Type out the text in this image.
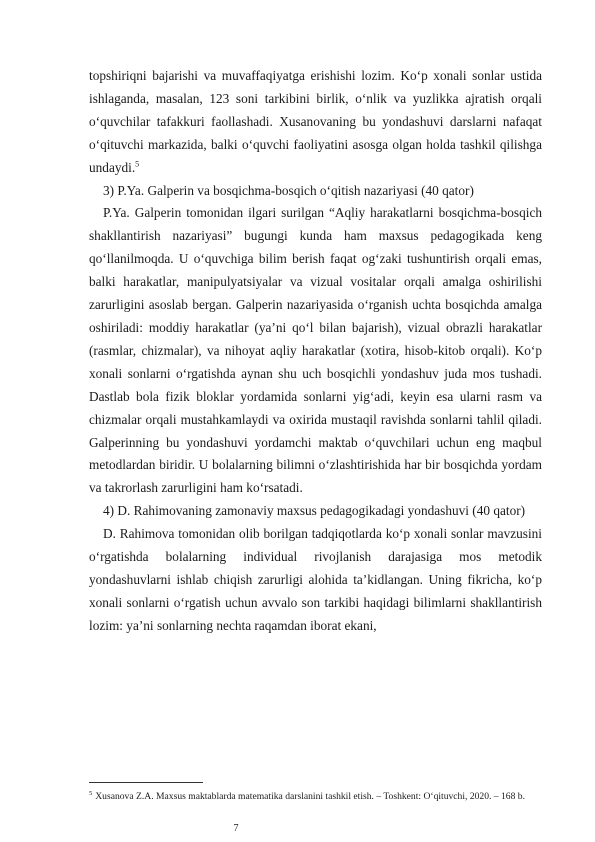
topshiriqni bajarishi va muvaffaqiyatga erishishi lozim. Ko‘p xonali sonlar ustida ishlaganda, masalan, 123 soni tarkibini birlik, o‘nlik va yuzlikka ajratish orqali o‘quvchilar tafakkuri faollashadi. Xusanovaning bu yondashuvi darslarni nafaqat o‘qituvchi markazida, balki o‘quvchi faoliyatini asosga olgan holda tashkil qilishga undaydi.$^5$

3) P.Ya. Galperin va bosqichma-bosqich o‘qitish nazariyasi (40 qator)

P.Ya. Galperin tomonidan ilgari surilgan “Aqliy harakatlarni bosqichma-bosqich shakllantirish nazariyasi” bugungi kunda ham maxsus pedagogikada keng qo‘llanilmoqda. U o‘quvchiga bilim berish faqat og‘zaki tushuntirish orqali emas, balki harakatlar, manipulyatsiyalar va vizual vositalar orqali amalga oshirilishi zarurligini asoslab bergan. Galperin nazariyasida o‘rganish uchta bosqichda amalga oshiriladi: moddiy harakatlar (ya’ni qo‘l bilan bajarish), vizual obrazli harakatlar (rasmlar, chizmalar), va nihoyat aqliy harakatlar (xotira, hisob-kitob orqali). Ko‘p xonali sonlarni o‘rgatishda aynan shu uch bosqichli yondashuv juda mos tushadi. Dastlab bola fizik bloklar yordamida sonlarni yig‘adi, keyin esa ularni rasm va chizmalar orqali mustahkamlaydi va oxirida mustaqil ravishda sonlarni tahlil qiladi. Galperinning bu yondashuvi yordamchi maktab o‘quvchilari uchun eng maqbul metodlardan biridir. U bolalarning bilimni o‘zlashtirishida har bir bosqichda yordam va takrorlash zarurligini ham ko‘rsatadi.

4) D. Rahimovaning zamonaviy maxsus pedagogikadagi yondashuvi (40 qator)

D. Rahimova tomonidan olib borilgan tadqiqotlarda ko‘p xonali sonlar mavzusini o‘rgatishda bolalarning individual rivojlanish darajasiga mos metodik yondashuvlarni ishlab chiqish zarurligi alohida ta’kidlangan. Uning fikricha, ko‘p xonali sonlarni o‘rgatish uchun avvalo son tarkibi haqidagi bilimlarni shakllantirish lozim: ya’ni sonlarning nechta raqamdan iborat ekani,

$^5$ Xusanova Z.A. Maxsus maktablarda matematika darslanini tashkil etish. – Toshkent: O‘qituvchi, 2020. – 168 b.

7
